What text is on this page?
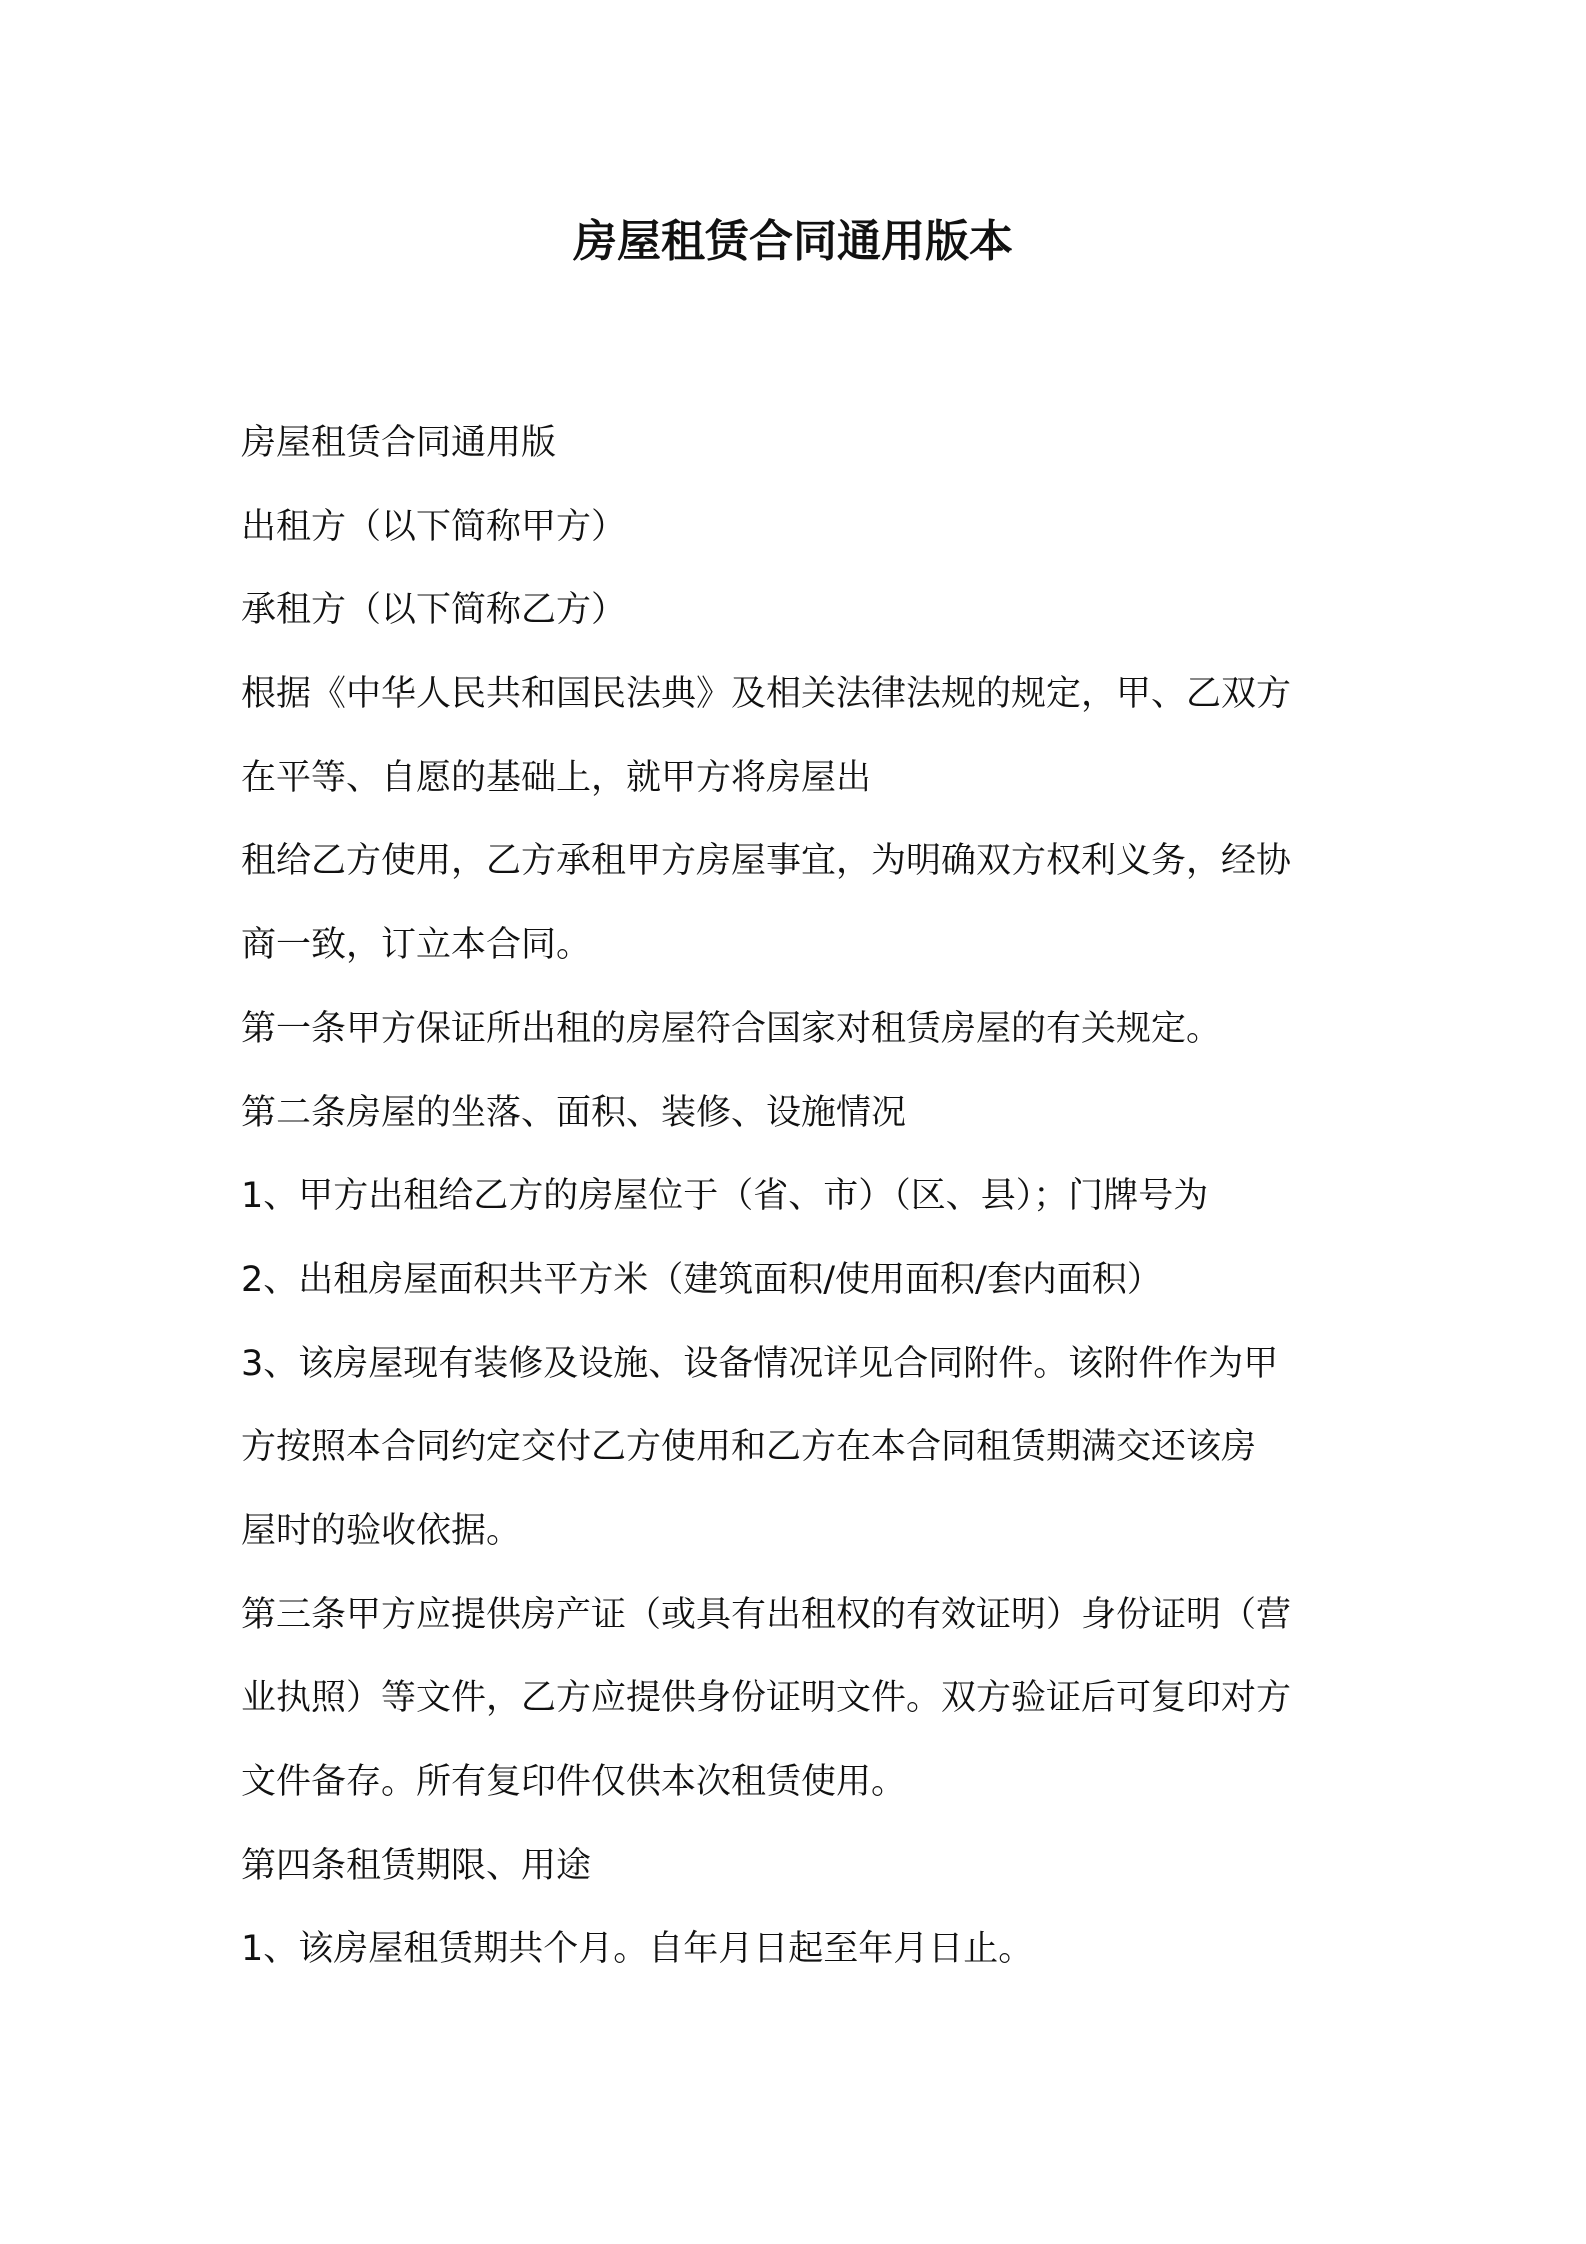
房屋租赁合同通用版本

房屋租赁合同通用版

出租方（以下简称甲方）

承租方（以下简称乙方）

根据《中华人民共和国民法典》及相关法律法规的规定，甲、乙双方

在平等、自愿的基础上，就甲方将房屋出

租给乙方使用，乙方承租甲方房屋事宜，为明确双方权利义务，经协

商一致，订立本合同。

第一条甲方保证所出租的房屋符合国家对租赁房屋的有关规定。

第二条房屋的坐落、面积、装修、设施情况

1、甲方出租给乙方的房屋位于（省、市）（区、县）；门牌号为

2、出租房屋面积共平方米（建筑面积/使用面积/套内面积）

3、该房屋现有装修及设施、设备情况详见合同附件。该附件作为甲

方按照本合同约定交付乙方使用和乙方在本合同租赁期满交还该房

屋时的验收依据。

第三条甲方应提供房产证（或具有出租权的有效证明）身份证明（营

业执照）等文件，乙方应提供身份证明文件。双方验证后可复印对方

文件备存。所有复印件仅供本次租赁使用。

第四条租赁期限、用途

1、该房屋租赁期共个月。自年月日起至年月日止。
